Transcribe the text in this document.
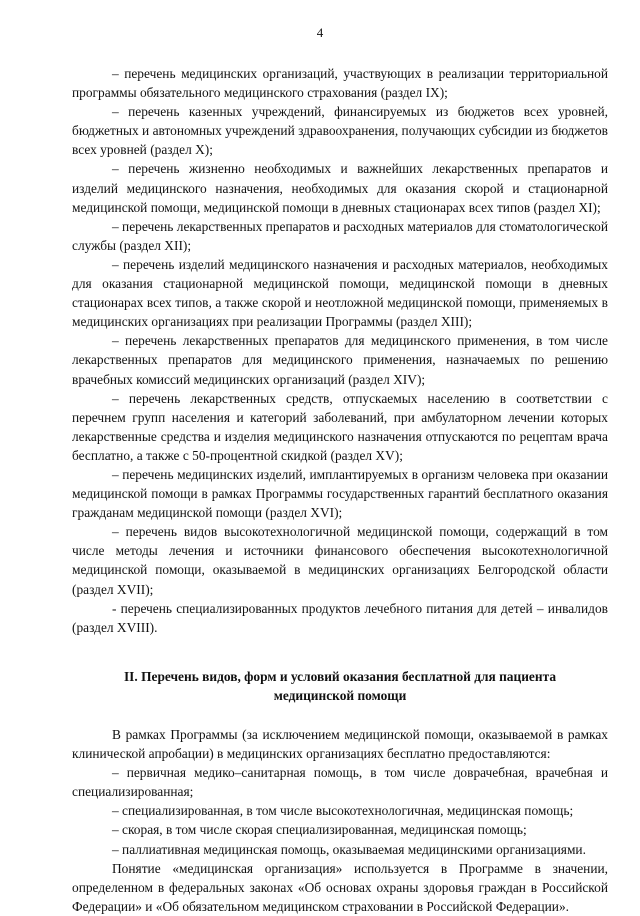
4

– перечень медицинских организаций, участвующих в реализации территориальной программы обязательного медицинского страхования (раздел IX);

– перечень казенных учреждений, финансируемых из бюджетов всех уровней, бюджетных и автономных учреждений здравоохранения, получающих субсидии из бюджетов всех уровней (раздел X);

– перечень жизненно необходимых и важнейших лекарственных препаратов и изделий медицинского назначения, необходимых для оказания скорой и стационарной медицинской помощи, медицинской помощи в дневных стационарах всех типов (раздел XI);

– перечень лекарственных препаратов и расходных материалов для стоматологической службы (раздел XII);

– перечень изделий медицинского назначения и расходных материалов, необходимых для оказания стационарной медицинской помощи, медицинской помощи в дневных стационарах всех типов, а также скорой и неотложной медицинской помощи, применяемых в медицинских организациях при реализации Программы (раздел XIII);

– перечень лекарственных препаратов для медицинского применения, в том числе лекарственных препаратов для медицинского применения, назначаемых по решению врачебных комиссий медицинских организаций (раздел XIV);

– перечень лекарственных средств, отпускаемых населению в соответствии с перечнем групп населения и категорий заболеваний, при амбулаторном лечении которых лекарственные средства и изделия медицинского назначения отпускаются по рецептам врача бесплатно, а также с 50-процентной скидкой (раздел XV);

– перечень медицинских изделий, имплантируемых в организм человека при оказании медицинской помощи в рамках Программы государственных гарантий бесплатного оказания гражданам медицинской помощи (раздел XVI);

– перечень видов высокотехнологичной медицинской помощи, содержащий в том числе методы лечения и источники финансового обеспечения высокотехнологичной медицинской помощи, оказываемой в медицинских организациях Белгородской области (раздел XVII);

- перечень специализированных продуктов лечебного питания для детей – инвалидов (раздел XVIII).

II. Перечень видов, форм и условий оказания бесплатной для пациента медицинской помощи

В рамках Программы (за исключением медицинской помощи, оказываемой в рамках клинической апробации) в медицинских организациях бесплатно предоставляются:

– первичная медико–санитарная помощь, в том числе доврачебная, врачебная и специализированная;

– специализированная, в том числе высокотехнологичная, медицинская помощь;

– скорая, в том числе скорая специализированная, медицинская помощь;

– паллиативная медицинская помощь, оказываемая медицинскими организациями.

Понятие «медицинская организация» используется в Программе в значении, определенном в федеральных законах «Об основах охраны здоровья граждан в Российской Федерации» и «Об обязательном медицинском страховании в Российской Федерации».
